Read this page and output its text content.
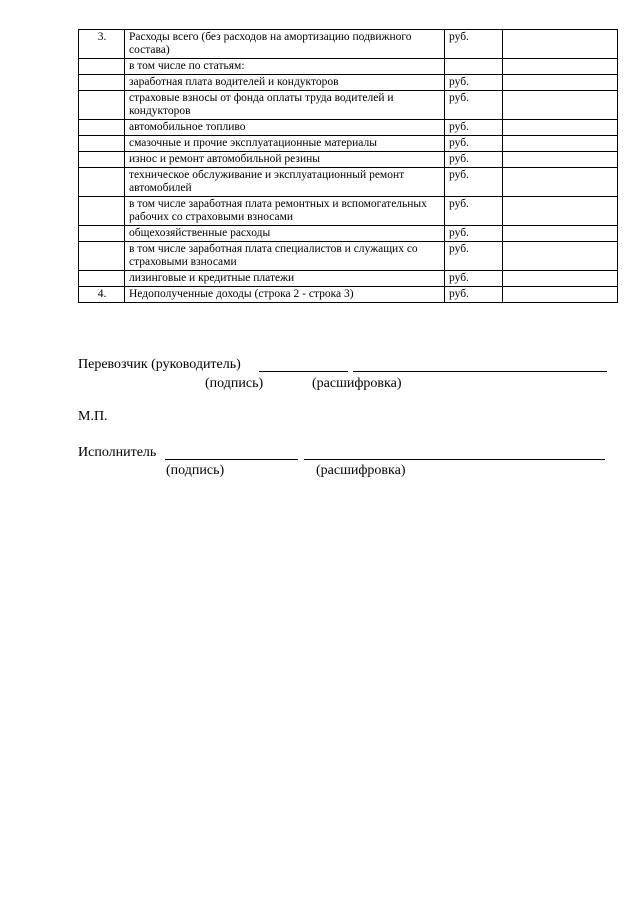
3.	Расходы всего (без расходов на амортизацию подвижного состава)	руб.	
	в том числе по статьям:		
	заработная плата водителей и кондукторов	руб.	
	страховые взносы от фонда оплаты труда водителей и кондукторов	руб.	
	автомобильное топливо	руб.	
	смазочные и прочие эксплуатационные материалы	руб.	
	износ и ремонт автомобильной резины	руб.	
	техническое обслуживание и эксплуатационный ремонт автомобилей	руб.	
	в том числе заработная плата ремонтных и вспомогательных рабочих со страховыми взносами	руб.	
	общехозяйственные расходы	руб.	
	в том числе заработная плата специалистов и служащих со страховыми взносами	руб.	
	лизинговые и кредитные платежи	руб.	
4.	Недополученные доходы (строка 2 - строка 3)	руб.	
Перевозчик (руководитель)
(подпись)	(расшифровка)
М.П.
Исполнитель
(подпись)	(расшифровка)
